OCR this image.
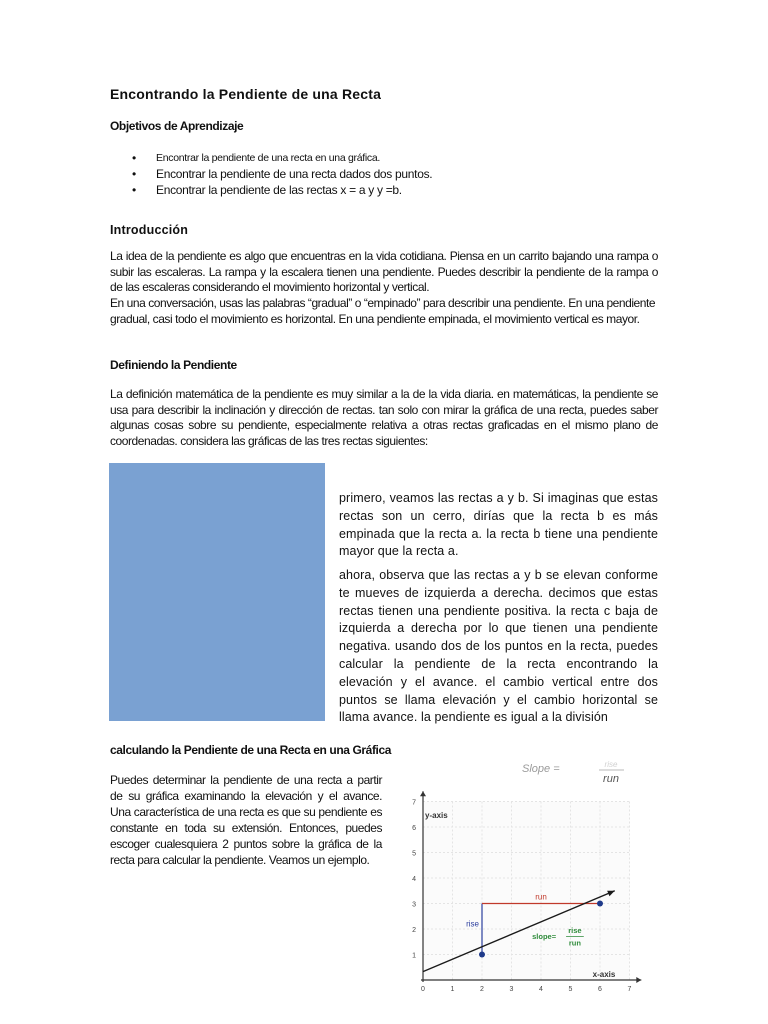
Encontrando la Pendiente de una Recta
Objetivos de Aprendizaje
• Encontrar la pendiente de una recta en una gráfica.
• Encontrar la pendiente de una recta dados dos puntos.
• Encontrar la pendiente de las rectas x = a y y =b.
Introducción

La idea de la pendiente es algo que encuentras en la vida cotidiana. Piensa en un carrito bajando una rampa o subir las escaleras. La rampa y la escalera tienen una pendiente. Puedes describir la pendiente de la rampa o de las escaleras considerando el movimiento horizontal y vertical.

En una conversación, usas las palabras “gradual” o “empinado” para describir una pendiente. En una pendiente gradual, casi todo el movimiento es horizontal. En una pendiente empinada, el movimiento vertical es mayor.

Definiendo la Pendiente

La definición matemática de la pendiente es muy similar a la de la vida diaria. en matemáticas, la pendiente se usa para describir la inclinación y dirección de rectas. tan solo con mirar la gráfica de una recta, puedes saber algunas cosas sobre su pendiente, especialmente relativa a otras rectas graficadas en el mismo plano de coordenadas. considera las gráficas de las tres rectas siguientes:

primero, veamos las rectas a y b. Si imaginas que estas rectas son un cerro, dirías que la recta b es más empinada que la recta a. la recta b tiene una pendiente mayor que la recta a.

ahora, observa que las rectas a y b se elevan conforme te mueves de izquierda a derecha. decimos que estas rectas tienen una pendiente positiva. la recta c baja de izquierda a derecha por lo que tienen una pendiente negativa. usando dos de los puntos en la recta, puedes calcular la pendiente de la recta encontrando la elevación y el avance. el cambio vertical entre dos puntos se llama elevación y el cambio horizontal se llama avance. la pendiente es igual a la división

calculando la Pendiente de una Recta en una Gráfica

Puedes determinar la pendiente de una recta a partir de su gráfica examinando la elevación y el avance. Una característica de una recta es que su pendiente es constante en toda su extensión. Entonces, puedes escoger cualesquiera 2 puntos sobre la gráfica de la recta para calcular la pendiente. Veamos un ejemplo.

Slope =	rise
run
1
2
3
4
5
6
7
0	1	2	3	4	5	6	7
y-axis
x-axis
run
rise
slope=
rise
run
